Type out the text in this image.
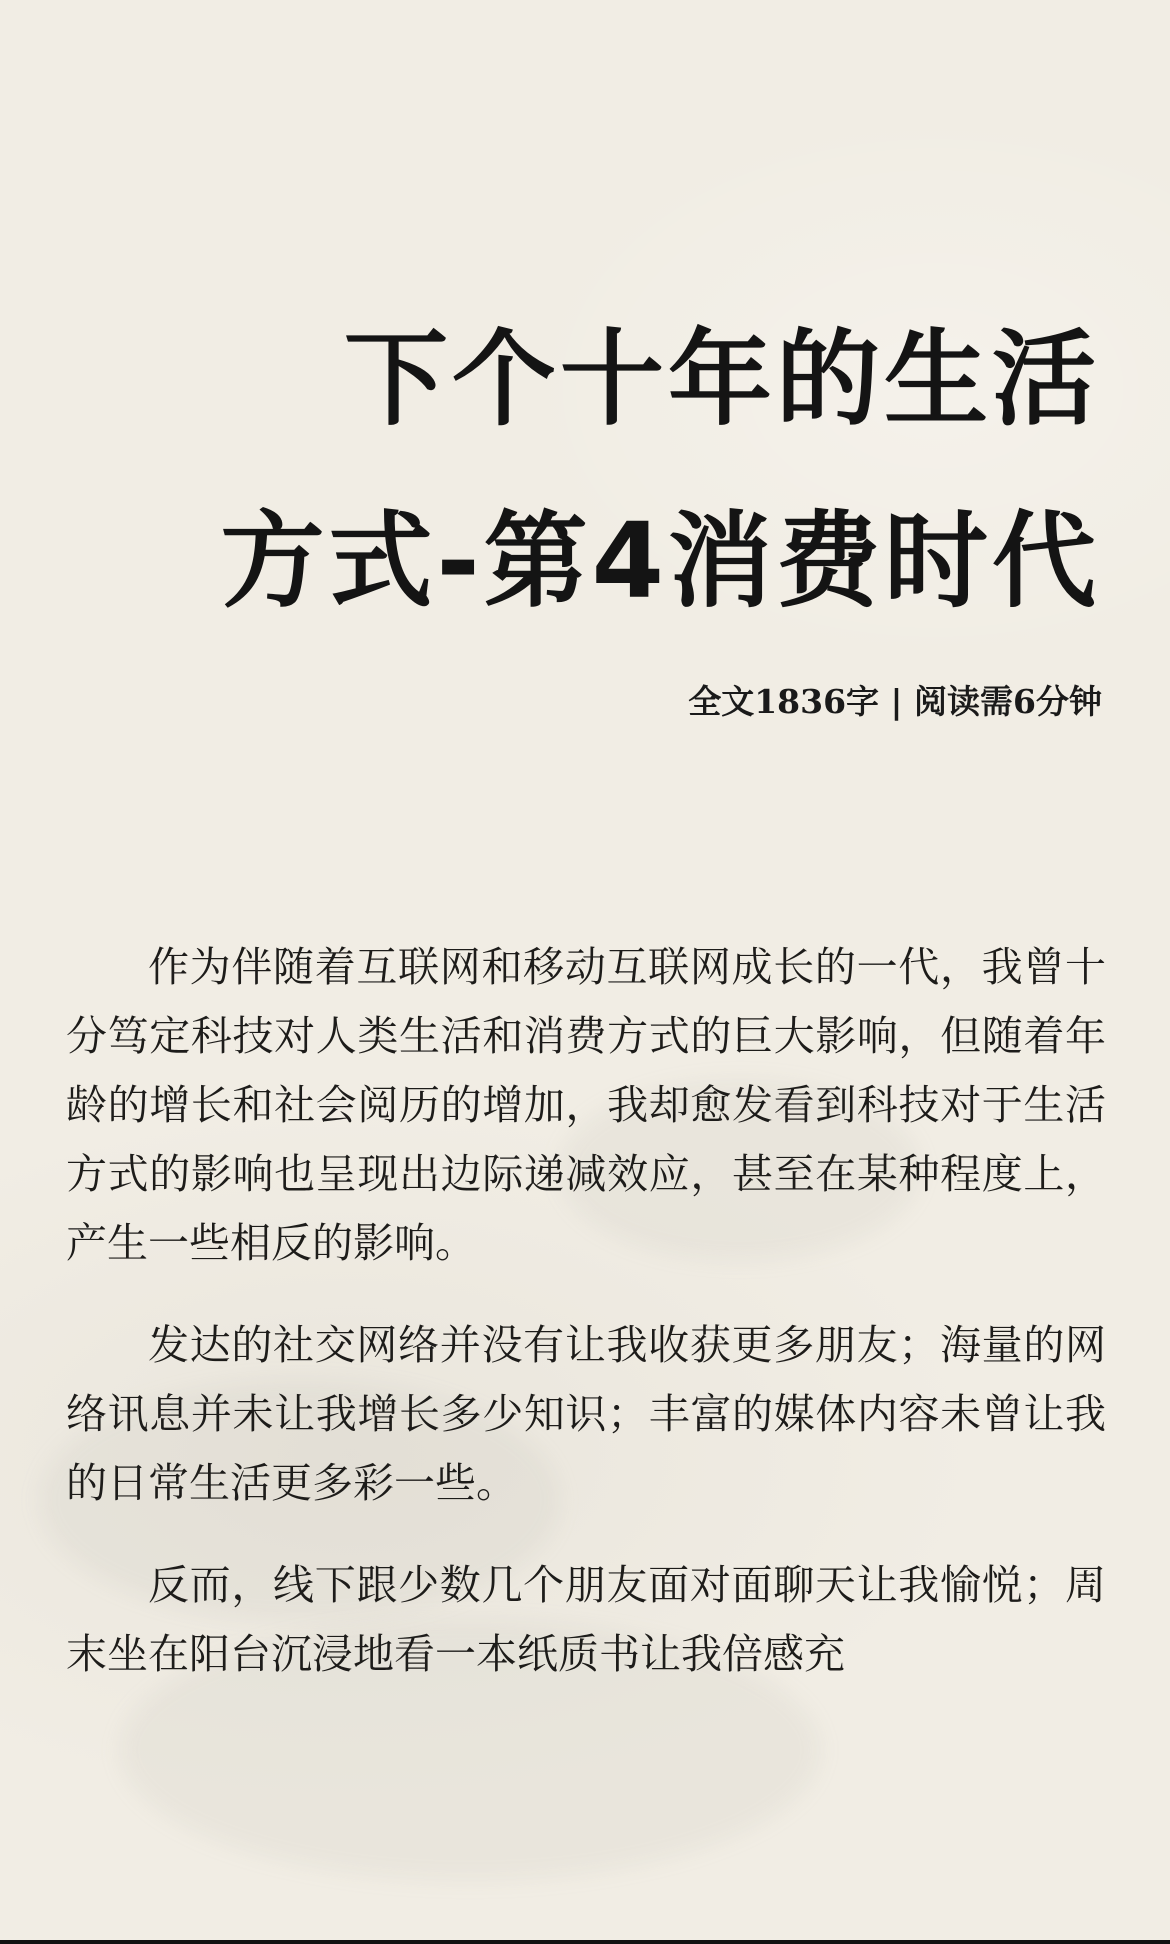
下个十年的生活
方式-第4消费时代
全文1836字 | 阅读需6分钟

作为伴随着互联网和移动互联网成长的一代，我曾十分笃定科技对人类生活和消费方式的巨大影响，但随着年龄的增长和社会阅历的增加，我却愈发看到科技对于生活方式的影响也呈现出边际递减效应，甚至在某种程度上，产生一些相反的影响。

发达的社交网络并没有让我收获更多朋友；海量的网络讯息并未让我增长多少知识；丰富的媒体内容未曾让我的日常生活更多彩一些。

反而，线下跟少数几个朋友面对面聊天让我愉悦；周末坐在阳台沉浸地看一本纸质书让我倍感充
